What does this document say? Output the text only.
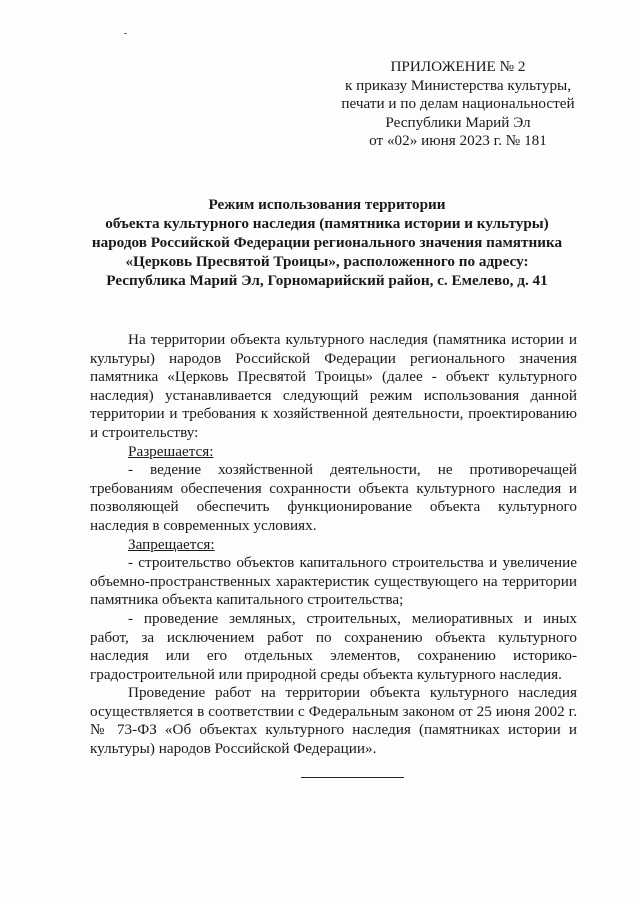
ПРИЛОЖЕНИЕ № 2
к приказу Министерства культуры,
печати и по делам национальностей
Республики Марий Эл
от «02» июня 2023 г. № 181
Режим использования территории
объекта культурного наследия (памятника истории и культуры)
народов Российской Федерации регионального значения памятника
«Церковь Пресвятой Троицы», расположенного по адресу:
Республика Марий Эл, Горномарийский район, с. Емелево, д. 41

На территории объекта культурного наследия (памятника истории и культуры) народов Российской Федерации регионального значения памятника «Церковь Пресвятой Троицы» (далее - объект культурного наследия) устанавливается следующий режим использования данной территории и требования к хозяйственной деятельности, проектированию и строительству:

Разрешается:

- ведение хозяйственной деятельности, не противоречащей требованиям обеспечения сохранности объекта культурного наследия и позволяющей обеспечить функционирование объекта культурного наследия в современных условиях.

Запрещается:

- строительство объектов капитального строительства и увеличение объемно-пространственных характеристик существующего на территории памятника объекта капитального строительства;

- проведение земляных, строительных, мелиоративных и иных работ, за исключением работ по сохранению объекта культурного наследия или его отдельных элементов, сохранению историко-градостроительной или природной среды объекта культурного наследия.

Проведение работ на территории объекта культурного наследия осуществляется в соответствии с Федеральным законом от 25 июня 2002 г. № 73-ФЗ «Об объектах культурного наследия (памятниках истории и культуры) народов Российской Федерации».
